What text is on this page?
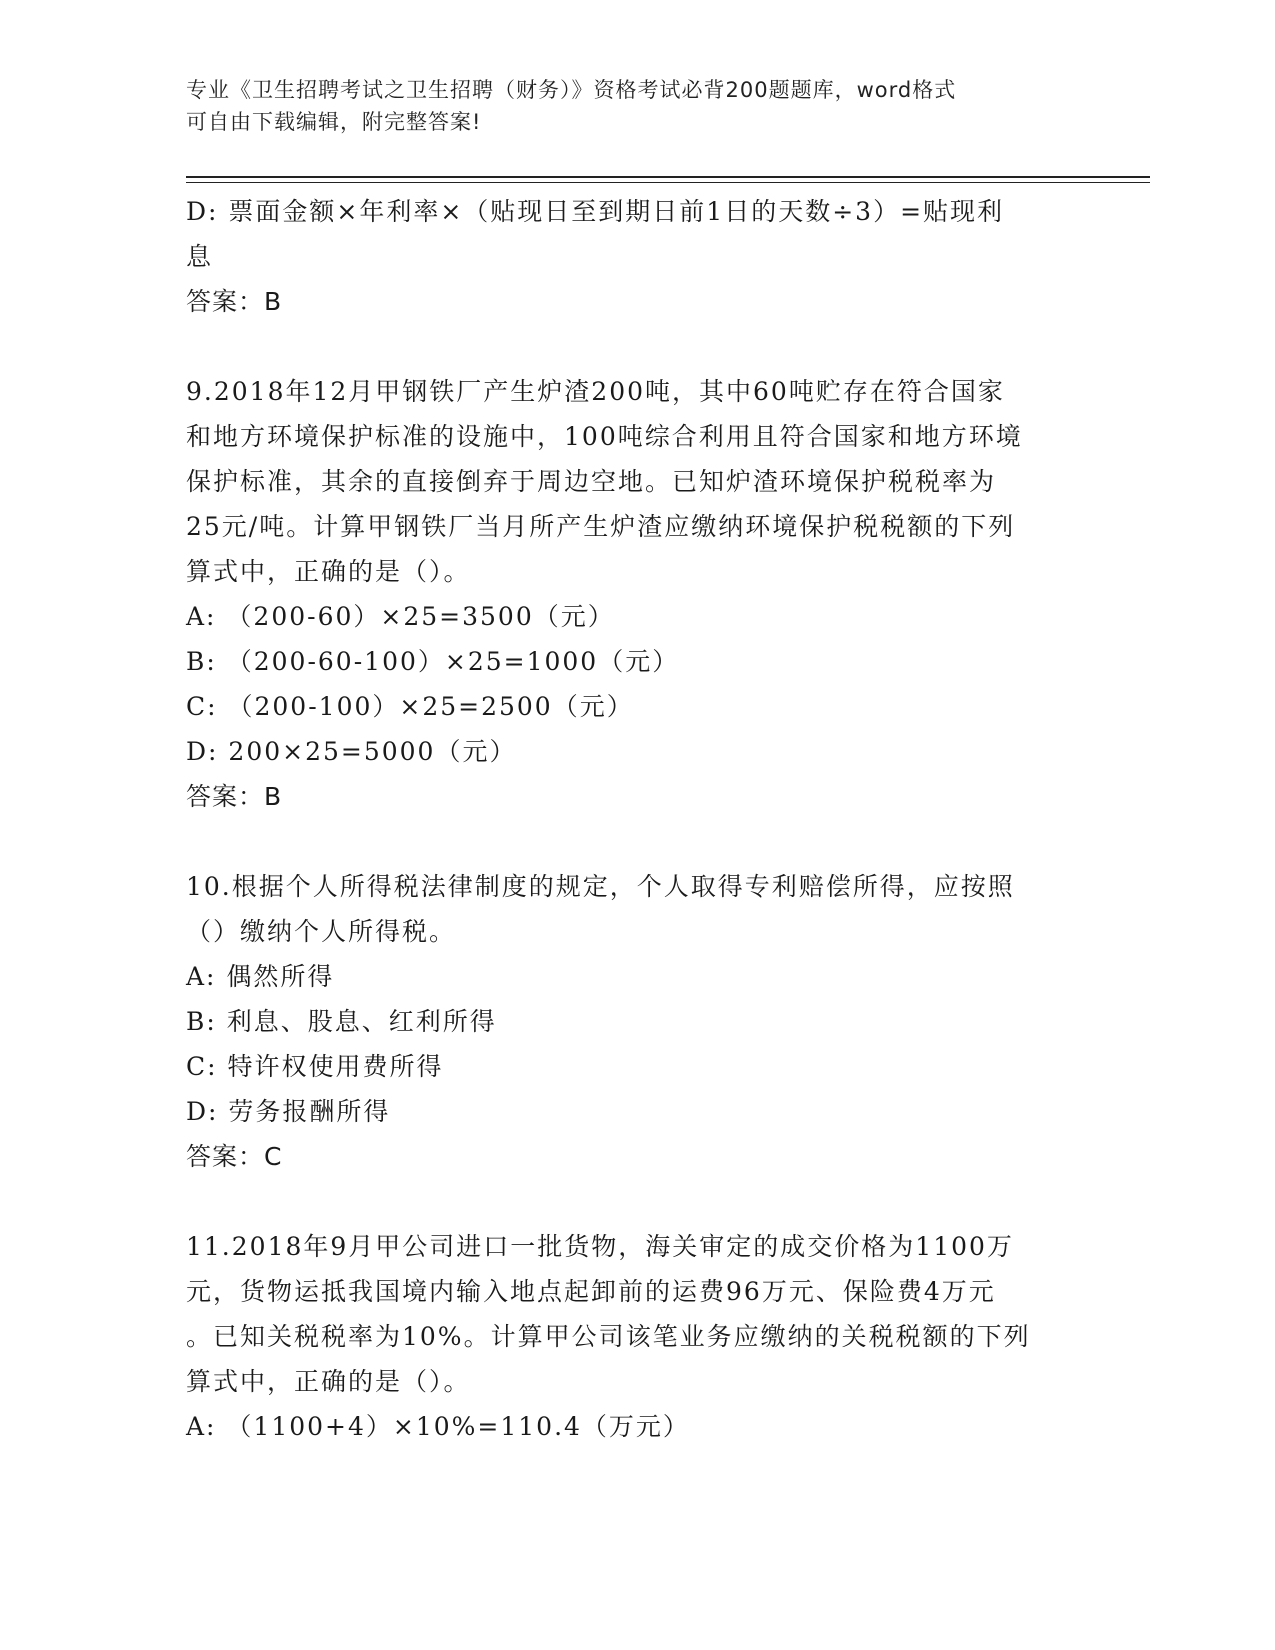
专业《卫生招聘考试之卫生招聘（财务）》资格考试必背200题题库，word格式
可自由下载编辑，附完整答案!
D: 票面金额×年利率×（贴现日至到期日前1日的天数÷3）=贴现利
息
答案：B
9.2018年12月甲钢铁厂产生炉渣200吨，其中60吨贮存在符合国家
和地方环境保护标准的设施中，100吨综合利用且符合国家和地方环境
保护标准，其余的直接倒弃于周边空地。已知炉渣环境保护税税率为
25元/吨。计算甲钢铁厂当月所产生炉渣应缴纳环境保护税税额的下列
算式中，正确的是（）。
A: （200-60）×25=3500（元）
B: （200-60-100）×25=1000（元）
C: （200-100）×25=2500（元）
D: 200×25=5000（元）
答案：B
10.根据个人所得税法律制度的规定，个人取得专利赔偿所得，应按照
（）缴纳个人所得税。
A: 偶然所得
B: 利息、股息、红利所得
C: 特许权使用费所得
D: 劳务报酬所得
答案：C
11.2018年9月甲公司进口一批货物，海关审定的成交价格为1100万
元，货物运抵我国境内输入地点起卸前的运费96万元、保险费4万元
。已知关税税率为10%。计算甲公司该笔业务应缴纳的关税税额的下列
算式中，正确的是（）。
A: （1100+4）×10%=110.4（万元）
